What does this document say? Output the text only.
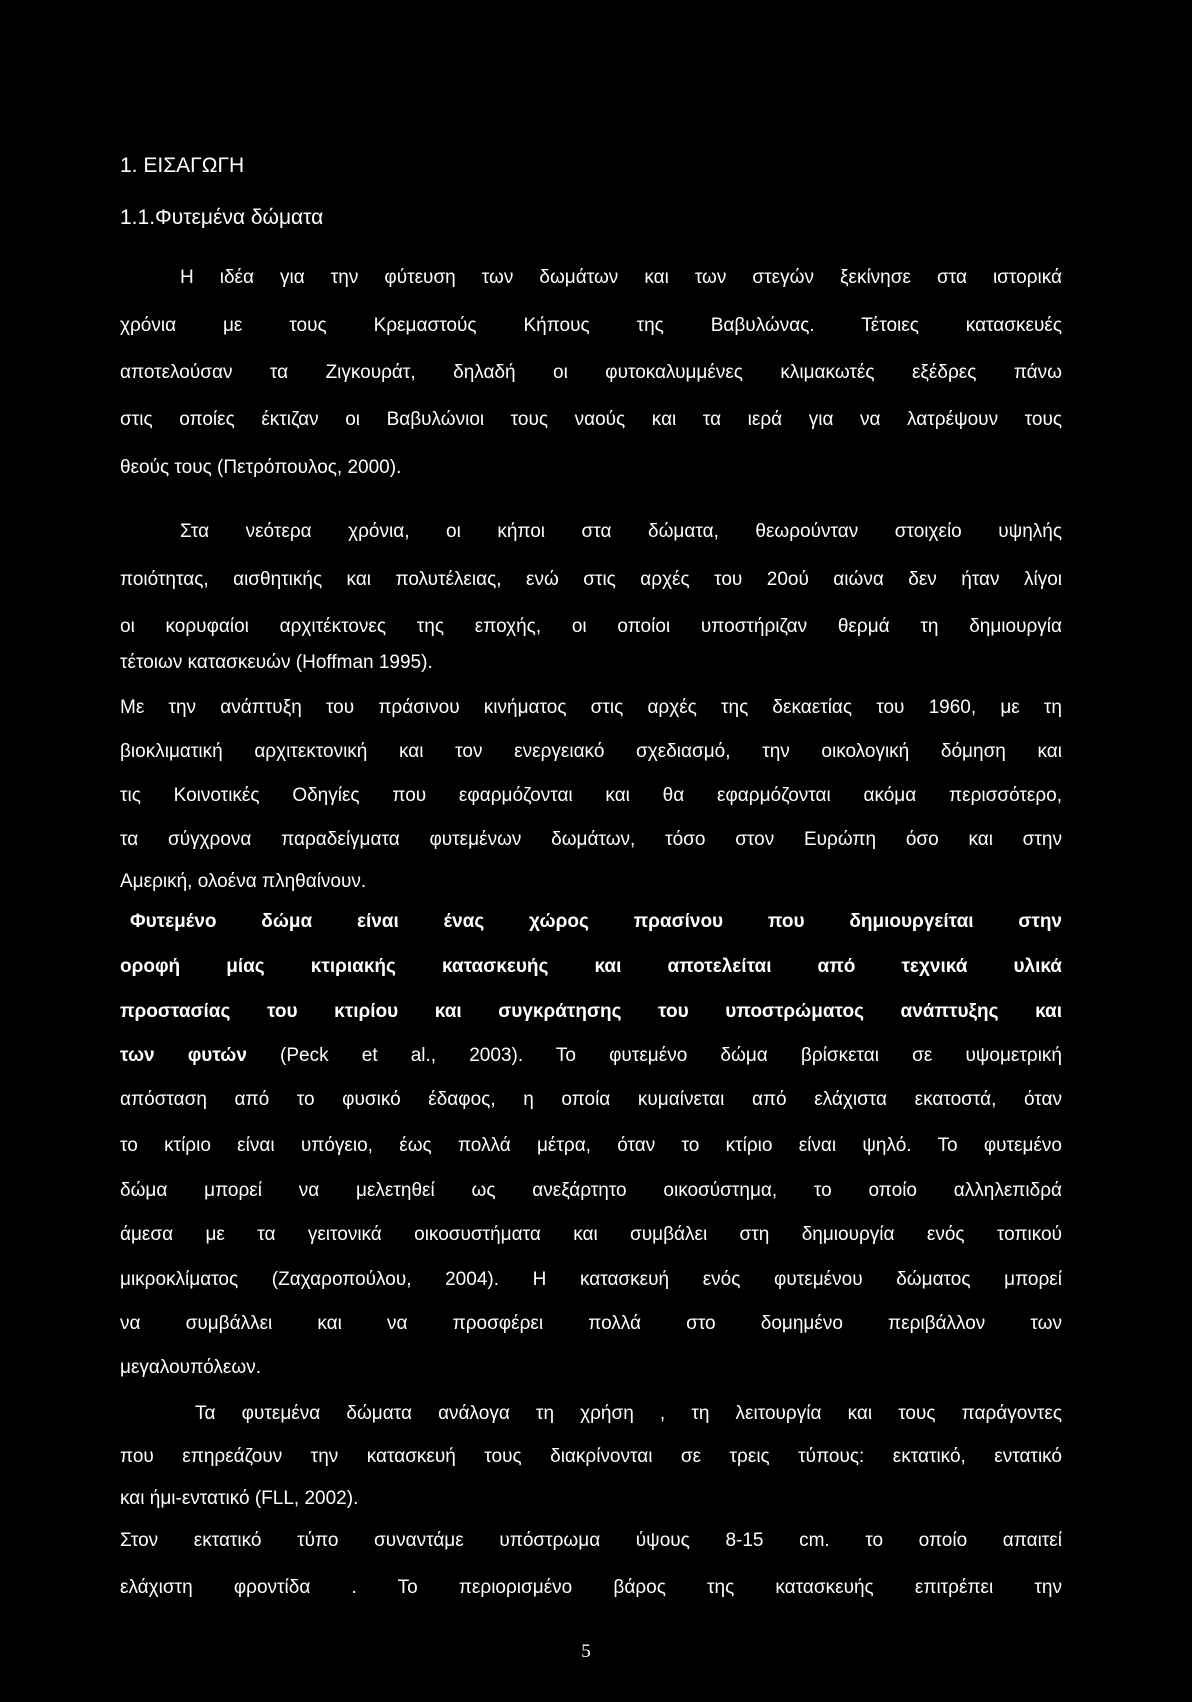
1. ΕΙΣΑΓΩΓΗ
1.1.Φυτεμένα δώματα
Η ιδέα για την φύτευση των δωμάτων και των στεγών ξεκίνησε στα ιστορικά
χρόνια με τους Κρεμαστούς Κήπους της Βαβυλώνας. Τέτοιες κατασκευές
αποτελούσαν τα Ζιγκουράτ, δηλαδή οι φυτοκαλυμμένες κλιμακωτές εξέδρες πάνω
στις οποίες έκτιζαν οι Βαβυλώνιοι τους ναούς και τα ιερά για να λατρέψουν τους
θεούς τους (Πετρόπουλος, 2000).
Στα νεότερα χρόνια, οι κήποι στα δώματα, θεωρούνταν στοιχείο υψηλής
ποιότητας, αισθητικής και πολυτέλειας, ενώ στις αρχές του 20ού αιώνα δεν ήταν λίγοι
οι κορυφαίοι αρχιτέκτονες της εποχής, οι οποίοι υποστήριζαν θερμά τη δημιουργία
τέτοιων κατασκευών (Hoffman 1995).
Με την ανάπτυξη του πράσινου κινήματος στις αρχές της δεκαετίας του 1960, με τη
βιοκλιματική αρχιτεκτονική και τον ενεργειακό σχεδιασμό, την οικολογική δόμηση και
τις Κοινοτικές Οδηγίες που εφαρμόζονται και θα εφαρμόζονται ακόμα περισσότερο,
τα σύγχρονα παραδείγματα φυτεμένων δωμάτων, τόσο στον Ευρώπη όσο και στην
Αμερική, ολοένα πληθαίνουν.
Φυτεμένο δώμα είναι ένας χώρος πρασίνου που δημιουργείται στην
οροφή μίας κτιριακής κατασκευής και αποτελείται από τεχνικά υλικά
προστασίας του κτιρίου και συγκράτησης του υποστρώματος ανάπτυξης και
των φυτών (Peck et al., 2003). Το φυτεμένο δώμα βρίσκεται σε υψομετρική
απόσταση από το φυσικό έδαφος, η οποία κυμαίνεται από ελάχιστα εκατοστά, όταν
το κτίριο είναι υπόγειο, έως πολλά μέτρα, όταν το κτίριο είναι ψηλό. Το φυτεμένο
δώμα μπορεί να μελετηθεί ως ανεξάρτητο οικοσύστημα, το οποίο αλληλεπιδρά
άμεσα με τα γειτονικά οικοσυστήματα και συμβάλει στη δημιουργία ενός τοπικού
μικροκλίματος (Ζαχαροπούλου, 2004). Η κατασκευή ενός φυτεμένου δώματος μπορεί
να συμβάλλει και να προσφέρει πολλά στο δομημένο περιβάλλον των
μεγαλουπόλεων.
Τα φυτεμένα δώματα ανάλογα τη χρήση , τη λειτουργία και τους παράγοντες
που επηρεάζουν την κατασκευή τους διακρίνονται σε τρεις τύπους: εκτατικό, εντατικό
και ήμι-εντατικό (FLL, 2002).
Στον εκτατικό τύπο συναντάμε υπόστρωμα ύψους 8-15 cm. το οποίο απαιτεί
ελάχιστη φροντίδα . Το περιορισμένο βάρος της κατασκευής επιτρέπει την
5
